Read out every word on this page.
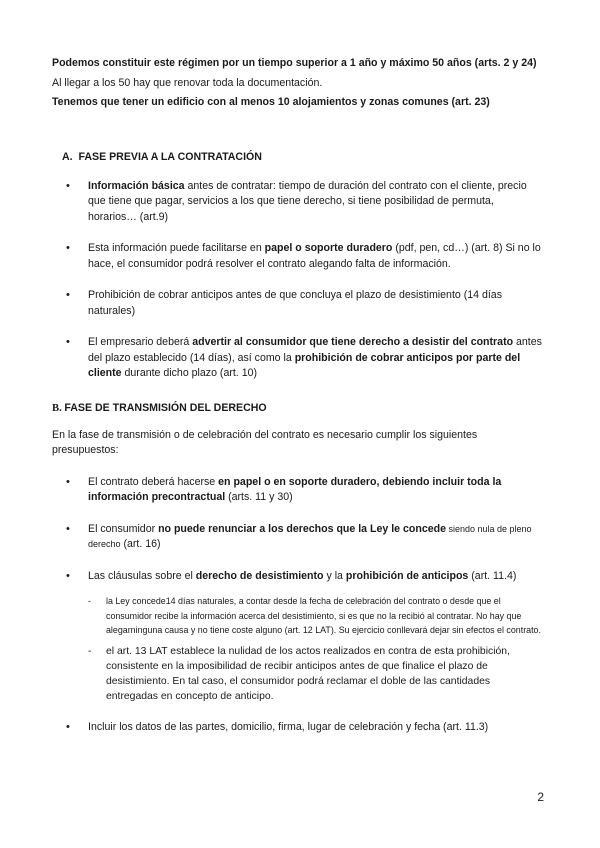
Podemos constituir este régimen por un tiempo superior a 1 año y máximo 50 años (arts. 2 y 24)

Al llegar a los 50 hay que renovar toda la documentación.

Tenemos que tener un edificio con al menos 10 alojamientos y zonas comunes (art. 23)

A. FASE PREVIA A LA CONTRATACIÓN
• Información básica antes de contratar: tiempo de duración del contrato con el cliente, precio que tiene que pagar, servicios a los que tiene derecho, si tiene posibilidad de permuta, horarios… (art.9)
• Esta información puede facilitarse en papel o soporte duradero (pdf, pen, cd…) (art. 8) Si no lo hace, el consumidor podrá resolver el contrato alegando falta de información.
• Prohibición de cobrar anticipos antes de que concluya el plazo de desistimiento (14 días naturales)
• El empresario deberá advertir al consumidor que tiene derecho a desistir del contrato antes del plazo establecido (14 días), así como la prohibición de cobrar anticipos por parte del cliente durante dicho plazo (art. 10)
B. FASE DE TRANSMISIÓN DEL DERECHO

En la fase de transmisión o de celebración del contrato es necesario cumplir los siguientes presupuestos:

• El contrato deberá hacerse en papel o en soporte duradero, debiendo incluir toda la información precontractual (arts. 11 y 30)
• El consumidor no puede renunciar a los derechos que la Ley le concede siendo nula de pleno derecho (art. 16)
• Las cláusulas sobre el derecho de desistimiento y la prohibición de anticipos (art. 11.4)
- la Ley concede14 días naturales, a contar desde la fecha de celebración del contrato o desde que el consumidor recibe la información acerca del desistimiento, si es que no la recibió al contratar. No hay que alegarninguna causa y no tiene coste alguno (art. 12 LAT). Su ejercicio conllevará dejar sin efectos el contrato.
- el art. 13 LAT establece la nulidad de los actos realizados en contra de esta prohibición, consistente en la imposibilidad de recibir anticipos antes de que finalice el plazo de desistimiento. En tal caso, el consumidor podrá reclamar el doble de las cantidades entregadas en concepto de anticipo.
• Incluir los datos de las partes, domicilio, firma, lugar de celebración y fecha (art. 11.3)
2
